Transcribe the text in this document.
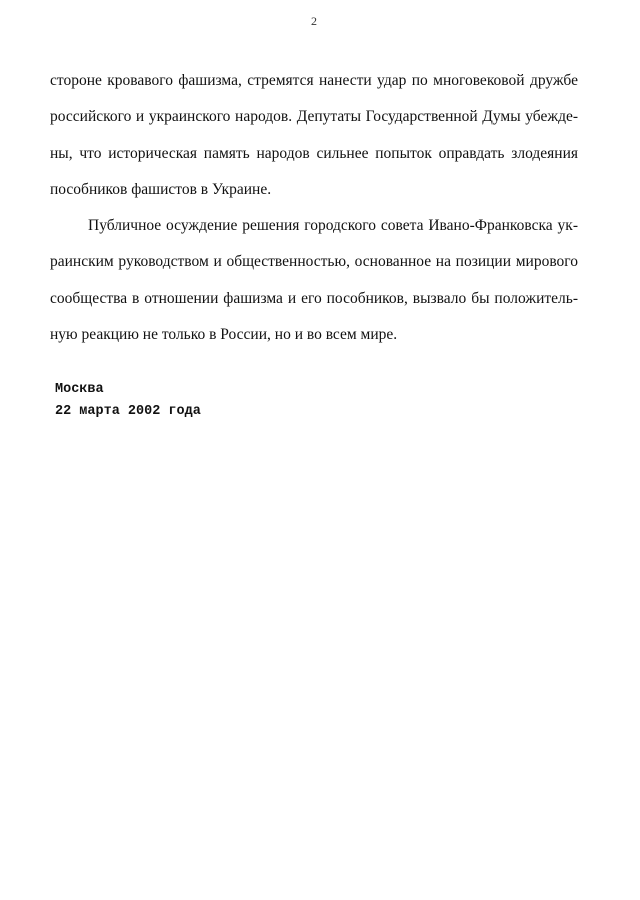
2
стороне кровавого фашизма, стремятся нанести удар по многовековой дружбе
российского и украинского народов. Депутаты Государственной Думы убежде-
ны, что историческая память народов сильнее попыток оправдать злодеяния
пособников фашистов в Украине.
Публичное осуждение решения городского совета Ивано-Франковска ук-
раинским руководством и общественностью, основанное на позиции мирового
сообщества в отношении фашизма и его пособников, вызвало бы положитель-
ную реакцию не только в России, но и во всем мире.
Москва
22 марта 2002 года
